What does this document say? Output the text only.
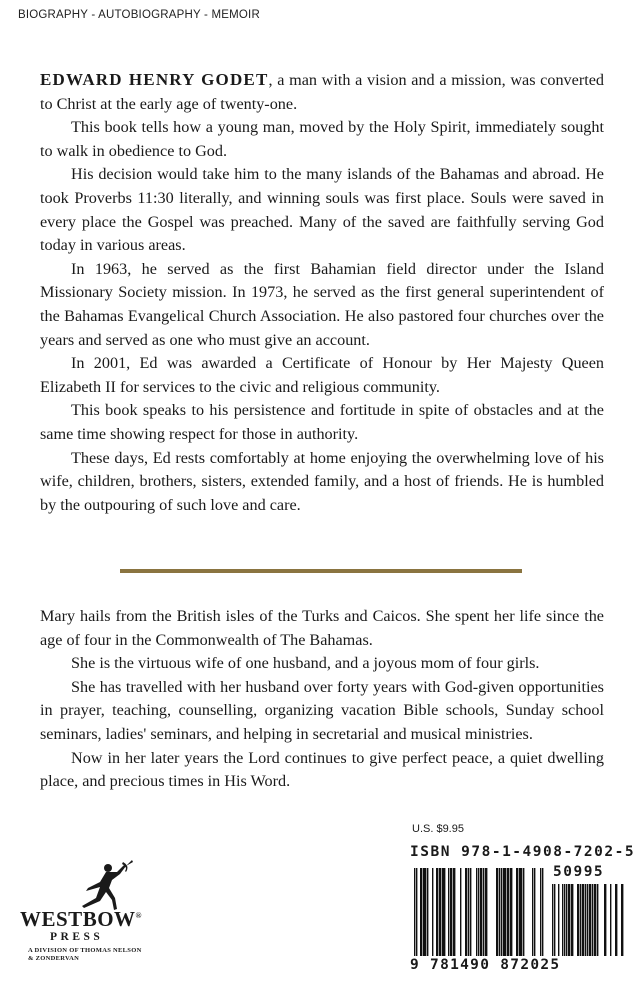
BIOGRAPHY - AUTOBIOGRAPHY - MEMOIR

EDWARD HENRY GODET, a man with a vision and a mission, was converted to Christ at the early age of twenty-one.

This book tells how a young man, moved by the Holy Spirit, immediately sought to walk in obedience to God.

His decision would take him to the many islands of the Bahamas and abroad. He took Proverbs 11:30 literally, and winning souls was first place. Souls were saved in every place the Gospel was preached. Many of the saved are faithfully serving God today in various areas.

In 1963, he served as the first Bahamian field director under the Island Missionary Society mission. In 1973, he served as the first general superintendent of the Bahamas Evangelical Church Association. He also pastored four churches over the years and served as one who must give an account.

In 2001, Ed was awarded a Certificate of Honour by Her Majesty Queen Elizabeth II for services to the civic and religious community.

This book speaks to his persistence and fortitude in spite of obstacles and at the same time showing respect for those in authority.

These days, Ed rests comfortably at home enjoying the overwhelming love of his wife, children, brothers, sisters, extended family, and a host of friends. He is humbled by the outpouring of such love and care.

Mary hails from the British isles of the Turks and Caicos. She spent her life since the age of four in the Commonwealth of The Bahamas.

She is the virtuous wife of one husband, and a joyous mom of four girls.

She has travelled with her husband over forty years with God-given opportunities in prayer, teaching, counselling, organizing vacation Bible schools, Sunday school seminars, ladies' seminars, and helping in secretarial and musical ministries.

Now in her later years the Lord continues to give perfect peace, a quiet dwelling place, and precious times in His Word.

WESTBOW®
PRESS
A DIVISION OF THOMAS NELSON
& ZONDERVAN
U.S. $9.95
ISBN 978-1-4908-7202-5
50995
9 781490 872025
